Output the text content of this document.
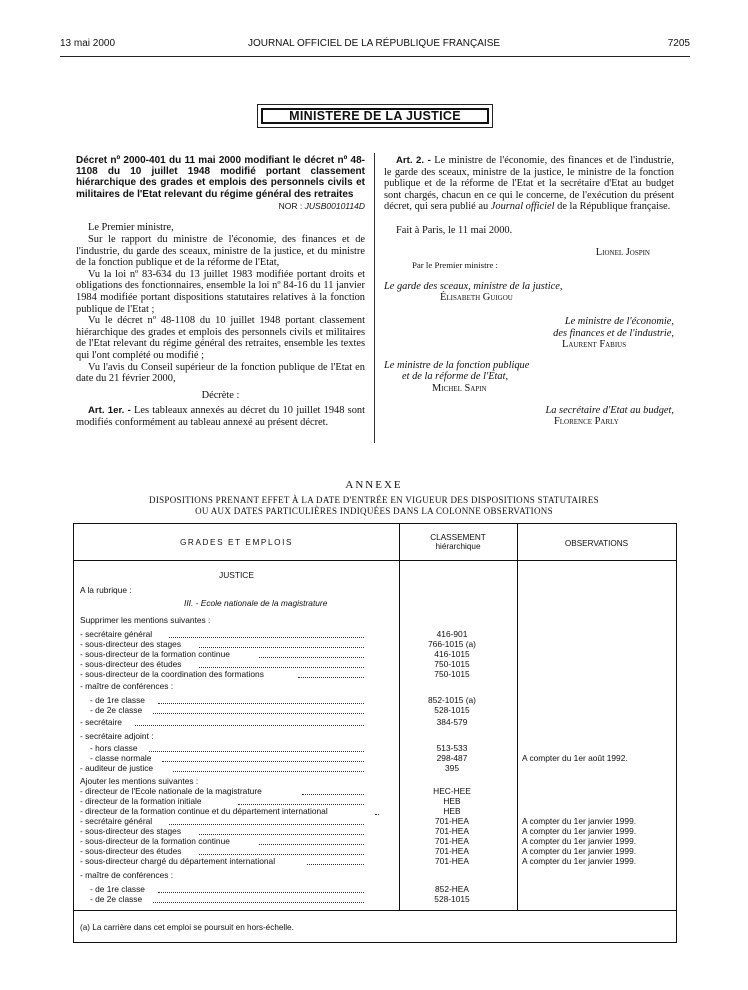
13 mai 2000	JOURNAL OFFICIEL DE LA RÉPUBLIQUE FRANÇAISE	7205
MINISTÈRE DE LA JUSTICE
Décret nº 2000-401 du 11 mai 2000 modifiant le décret nº 48-1108 du 10 juillet 1948 modifié portant classement hiérarchique des grades et emplois des personnels civils et militaires de l'Etat relevant du régime général des retraites
NOR : JUSB0010114D

Le Premier ministre,

Sur le rapport du ministre de l'économie, des finances et de l'industrie, du garde des sceaux, ministre de la justice, et du ministre de la fonction publique et de la réforme de l'Etat,

Vu la loi nº 83-634 du 13 juillet 1983 modifiée portant droits et obligations des fonctionnaires, ensemble la loi nº 84-16 du 11 janvier 1984 modifiée portant dispositions statutaires relatives à la fonction publique de l'Etat ;

Vu le décret nº 48-1108 du 10 juillet 1948 portant classement hiérarchique des grades et emplois des personnels civils et militaires de l'Etat relevant du régime général des retraites, ensemble les textes qui l'ont complété ou modifié ;

Vu l'avis du Conseil supérieur de la fonction publique de l'Etat en date du 21 février 2000,

Décrète :

Art. 1er. - Les tableaux annexés au décret du 10 juillet 1948 sont modifiés conformément au tableau annexé au présent décret.

Art. 2. - Le ministre de l'économie, des finances et de l'industrie, le garde des sceaux, ministre de la justice, le ministre de la fonction publique et de la réforme de l'Etat et la secrétaire d'Etat au budget sont chargés, chacun en ce qui le concerne, de l'exécution du présent décret, qui sera publié au Journal officiel de la République française.

Fait à Paris, le 11 mai 2000.

Lionel Jospin

Par le Premier ministre :

Le garde des sceaux, ministre de la justice,

Élisabeth Guigou

Le ministre de l'économie,

des finances et de l'industrie,

Laurent Fabius

Le ministre de la fonction publique

et de la réforme de l'Etat,

Michel Sapin

La secrétaire d'Etat au budget,

Florence Parly

ANNEXE
DISPOSITIONS PRENANT EFFET À LA DATE D'ENTRÉE EN VIGUEUR DES DISPOSITIONS STATUTAIRES
OU AUX DATES PARTICULIÈRES INDIQUÉES DANS LA COLONNE OBSERVATIONS
GRADES ET EMPLOIS
CLASSEMENT
hiérarchique	OBSERVATIONS
JUSTICE
A la rubrique :
III. - Ecole nationale de la magistrature
Supprimer les mentions suivantes :
- secrétaire général	416-901
- sous-directeur des stages	766-1015 (a)
- sous-directeur de la formation continue	416-1015
- sous-directeur des études	750-1015
- sous-directeur de la coordination des formations	750-1015
- maître de conférences :
- de 1re classe	852-1015 (a)
- de 2e classe	528-1015
- secrétaire	384-579
- secrétaire adjoint :
- hors classe	513-533
- classe normale	298-487	A compter du 1er août 1992.
- auditeur de justice	395
Ajouter les mentions suivantes :
- directeur de l'Ecole nationale de la magistrature	HEC-HEE
- directeur de la formation initiale	HEB
- directeur de la formation continue et du département international	HEB
- secrétaire général	701-HEA	A compter du 1er janvier 1999.
- sous-directeur des stages	701-HEA	A compter du 1er janvier 1999.
- sous-directeur de la formation continue	701-HEA	A compter du 1er janvier 1999.
- sous-directeur des études	701-HEA	A compter du 1er janvier 1999.
- sous-directeur chargé du département international	701-HEA	A compter du 1er janvier 1999.
- maître de conférences :
- de 1re classe	852-HEA
- de 2e classe	528-1015
(a) La carrière dans cet emploi se poursuit en hors-échelle.
